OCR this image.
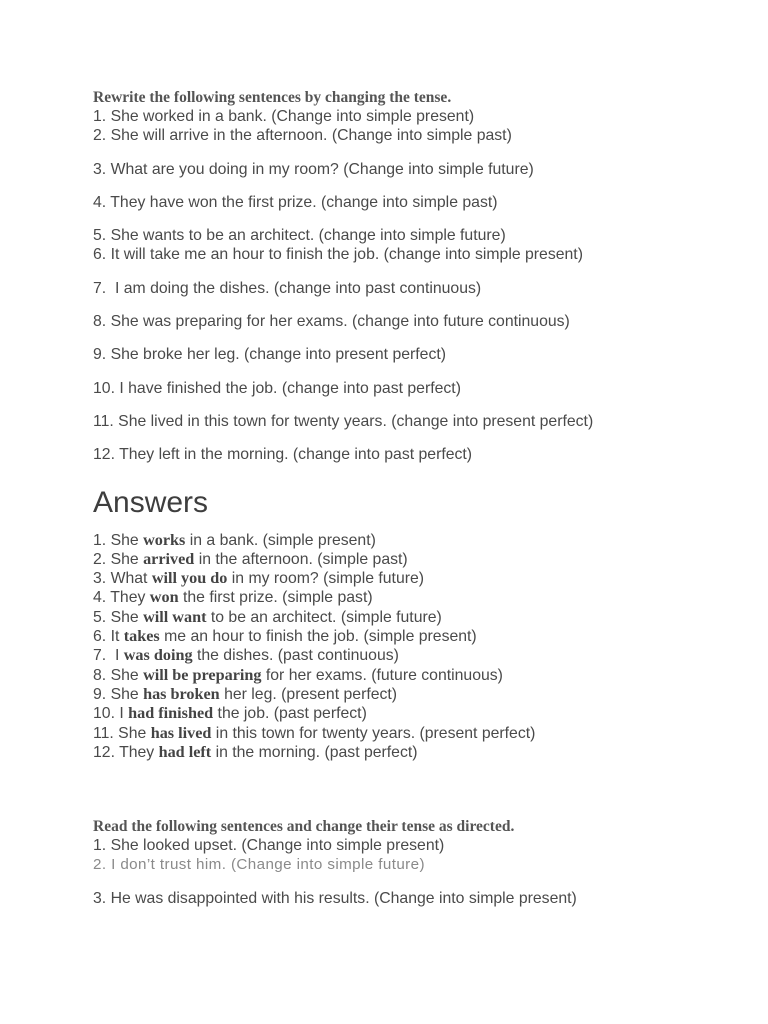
Rewrite the following sentences by changing the tense.
1. She worked in a bank. (Change into simple present)
2. She will arrive in the afternoon. (Change into simple past)
3. What are you doing in my room? (Change into simple future)
4. They have won the first prize. (change into simple past)
5. She wants to be an architect. (change into simple future)
6. It will take me an hour to finish the job. (change into simple present)
7.  I am doing the dishes. (change into past continuous)
8. She was preparing for her exams. (change into future continuous)
9. She broke her leg. (change into present perfect)
10. I have finished the job. (change into past perfect)
11. She lived in this town for twenty years. (change into present perfect)
12. They left in the morning. (change into past perfect)
Answers
1. She works in a bank. (simple present)
2. She arrived in the afternoon. (simple past)
3. What will you do in my room? (simple future)
4. They won the first prize. (simple past)
5. She will want to be an architect. (simple future)
6. It takes me an hour to finish the job. (simple present)
7.  I was doing the dishes. (past continuous)
8. She will be preparing for her exams. (future continuous)
9. She has broken her leg. (present perfect)
10. I had finished the job. (past perfect)
11. She has lived in this town for twenty years. (present perfect)
12. They had left in the morning. (past perfect)
Read the following sentences and change their tense as directed.
1. She looked upset. (Change into simple present)
2. I don’t trust him. (Change into simple future)
3. He was disappointed with his results. (Change into simple present)
